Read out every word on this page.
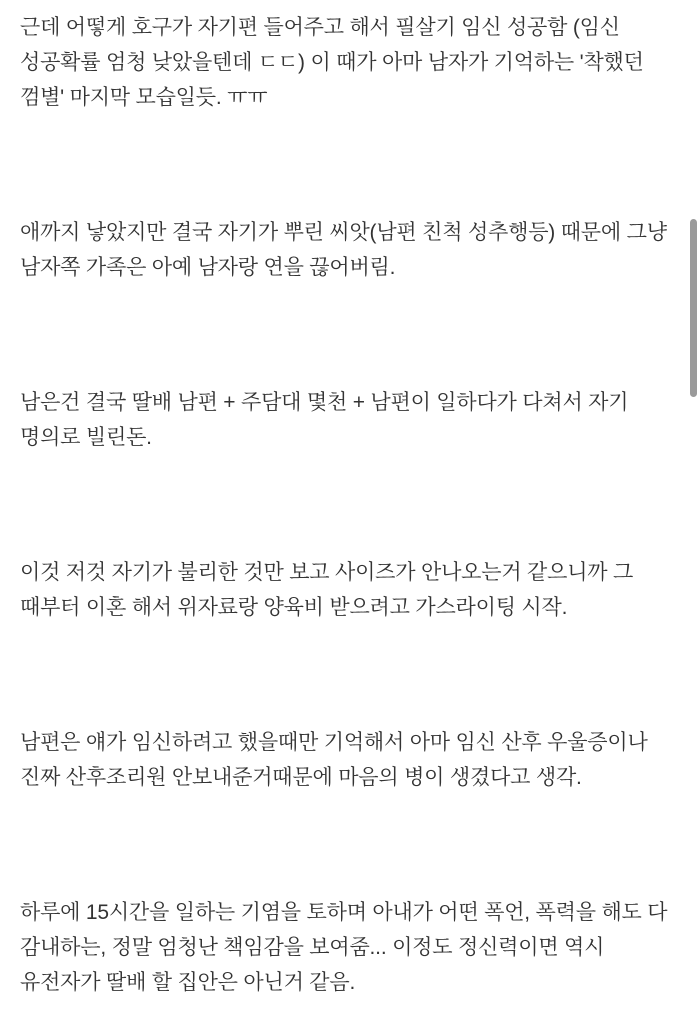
근데 어떻게 호구가 자기편 들어주고 해서 필살기 임신 성공함 (임신 성공확률 엄청 낮았을텐데 ㄷㄷ) 이 때가 아마 남자가 기억하는 '착했던 껌별' 마지막 모습일듯. ㅠㅠ

애까지 낳았지만 결국 자기가 뿌린 씨앗(남편 친척 성추행등) 때문에 그냥 남자쪽 가족은 아예 남자랑 연을 끊어버림.

남은건 결국 딸배 남편 + 주담대 몇천 + 남편이 일하다가 다쳐서 자기 명의로 빌린돈.

이것 저것 자기가 불리한 것만 보고 사이즈가 안나오는거 같으니까 그 때부터 이혼 해서 위자료랑 양육비 받으려고 가스라이팅 시작.

남편은 얘가 임신하려고 했을때만 기억해서 아마 임신 산후 우울증이나 진짜 산후조리원 안보내준거때문에 마음의 병이 생겼다고 생각.

하루에 15시간을 일하는 기염을 토하며 아내가 어떤 폭언, 폭력을 해도 다 감내하는, 정말 엄청난 책임감을 보여줌... 이정도 정신력이면 역시 유전자가 딸배 할 집안은 아닌거 같음.
